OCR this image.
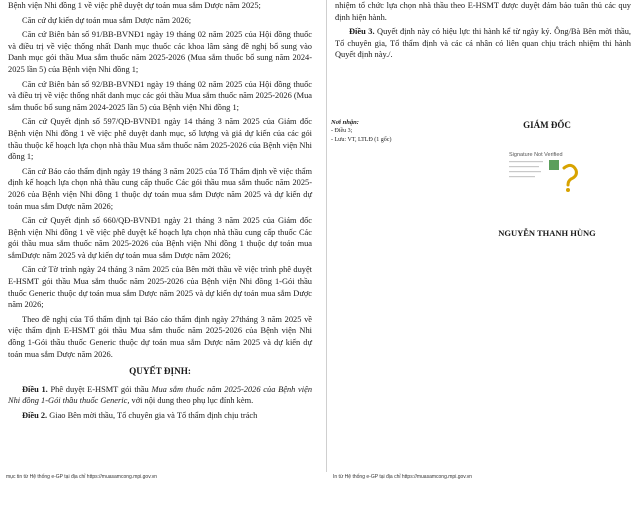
Bệnh viện Nhi đồng 1 về việc phê duyệt dự toán mua sắm Dược năm 2025;

Căn cứ dự kiến dự toán mua sắm Dược năm 2026;

Căn cứ Biên bản số 91/BB-BVNĐ1 ngày 19 tháng 02 năm 2025 của Hội đồng thuốc và điều trị về việc thống nhất Danh mục thuốc các khoa lâm sàng đề nghị bổ sung vào Danh mục gói thầu Mua sắm thuốc năm 2025-2026 (Mua sắm thuốc bổ sung năm 2024-2025 lần 5) của Bệnh viện Nhi đồng 1;

Căn cứ Biên bản số 92/BB-BVNĐ1 ngày 19 tháng 02 năm 2025 của Hội đồng thuốc và điều trị về việc thống nhất danh mục các gói thầu Mua sắm thuốc năm 2025-2026 (Mua sắm thuốc bổ sung năm 2024-2025 lần 5) của Bệnh viện Nhi đồng 1;

Căn cứ Quyết định số 597/QĐ-BVNĐ1 ngày 14 tháng 3 năm 2025 của Giám đốc Bệnh viện Nhi đồng 1 về việc phê duyệt danh mục, số lượng và giá dự kiến của các gói thầu thuộc kế hoạch lựa chọn nhà thầu Mua sắm thuốc năm 2025-2026 của Bệnh viện Nhi đồng 1;

Căn cứ Báo cáo thẩm định ngày 19 tháng 3 năm 2025 của Tổ Thẩm định về việc thẩm định kế hoạch lựa chọn nhà thầu cung cấp thuốc Các gói thầu mua sắm thuốc năm 2025-2026 của Bệnh viện Nhi đồng 1 thuộc dự toán mua sắm Dược năm 2025 và dự kiến dự toán mua sắm Dược năm 2026;

Căn cứ Quyết định số 660/QĐ-BVNĐ1 ngày 21 tháng 3 năm 2025 của Giám đốc Bệnh viện Nhi đồng 1 về việc phê duyệt kế hoạch lựa chọn nhà thầu cung cấp thuốc Các gói thầu mua sắm thuốc năm 2025-2026 của Bệnh viện Nhi đồng 1 thuộc dự toán mua sắmDược năm 2025 và dự kiến dự toán mua sắm Dược năm 2026;

Căn cứ Tờ trình ngày 24 tháng 3 năm 2025 của Bên mời thầu về việc trình phê duyệt E-HSMT gói thầu Mua sắm thuốc năm 2025-2026 của Bệnh viện Nhi đồng 1-Gói thầu thuốc Generic thuộc dự toán mua sắm Dược năm 2025 và dự kiến dự toán mua sắm Dược năm 2026;

Theo đề nghị của Tổ thẩm định tại Báo cáo thẩm định ngày 27tháng 3 năm 2025 về việc thẩm định E-HSMT gói thầu Mua sắm thuốc năm 2025-2026 của Bệnh viện Nhi đồng 1-Gói thầu thuốc Generic thuộc dự toán mua sắm Dược năm 2025 và dự kiến dự toán mua sắm Dược năm 2026.

QUYẾT ĐỊNH:

Điều 1. Phê duyệt E-HSMT gói thầu Mua sắm thuốc năm 2025-2026 của Bệnh viện Nhi đồng 1-Gói thầu thuốc Generic, với nội dung theo phụ lục đính kèm.

Điều 2. Giao Bên mời thầu, Tổ chuyên gia và Tổ thẩm định chịu trách

mục tin từ Hệ thống e-GP tại địa chỉ https://muasamcong.mpi.gov.vn

nhiệm tổ chức lựa chọn nhà thầu theo E-HSMT được duyệt đảm bảo tuân thủ các quy định hiện hành.

Điều 3. Quyết định này có hiệu lực thi hành kể từ ngày ký. Ông/Bà Bên mời thầu, Tổ chuyên gia, Tổ thẩm định và các cá nhân có liên quan chịu trách nhiệm thi hành Quyết định này./.

Nơi nhận:
- Điều 3;
- Lưu: VT, LTLĐ (1 gốc)
GIÁM ĐỐC
Signature Not Verified
NGUYỄN THANH HÙNG
In từ Hệ thống e-GP tại địa chỉ https://muasamcong.mpi.gov.vn
